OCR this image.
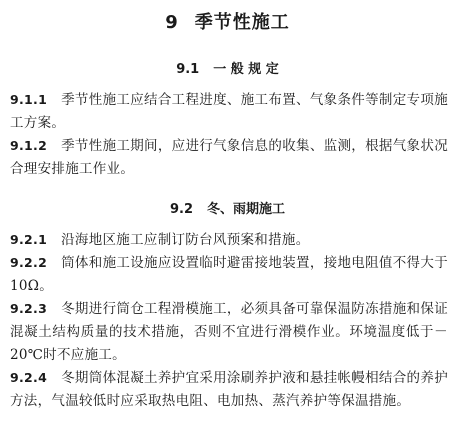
9 季节性施工
9.1 一 般 规 定
9.1.1 季节性施工应结合工程进度、施工布置、气象条件等制定专项施工方案。
9.1.2 季节性施工期间，应进行气象信息的收集、监测，根据气象状况合理安排施工作业。
9.2 冬、雨期施工
9.2.1 沿海地区施工应制订防台风预案和措施。
9.2.2 筒体和施工设施应设置临时避雷接地装置，接地电阻值不得大于 10Ω。
9.2.3 冬期进行筒仓工程滑模施工，必须具备可靠保温防冻措施和保证混凝土结构质量的技术措施，否则不宜进行滑模作业。环境温度低于－20℃时不应施工。
9.2.4 冬期筒体混凝土养护宜采用涂刷养护液和悬挂帐幔相结合的养护方法，气温较低时应采取热电阻、电加热、蒸汽养护等保温措施。
